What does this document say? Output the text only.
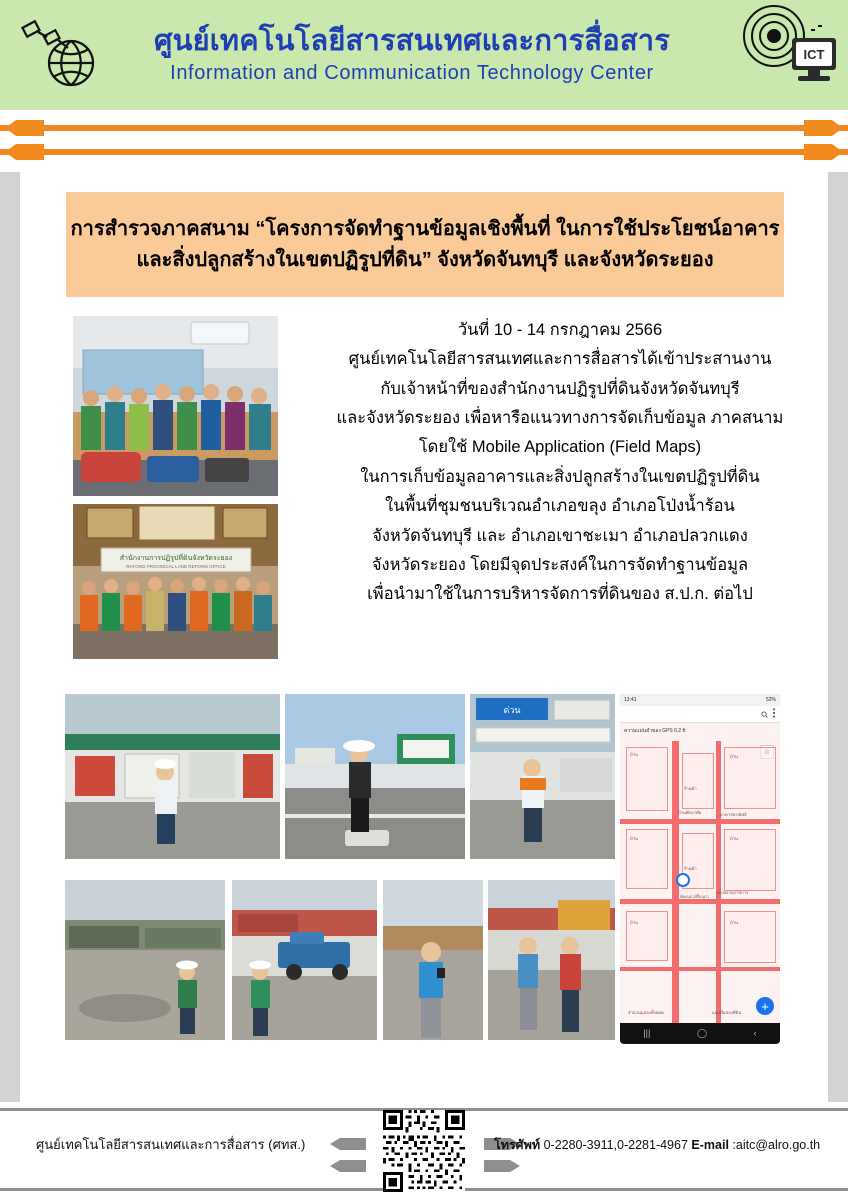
ศูนย์เทคโนโลยีสารสนเทศและการสื่อสาร

Information and Communication Technology Center

ICT

การสำรวจภาคสนาม “โครงการจัดทำฐานข้อมูลเชิงพื้นที่ ในการใช้ประโยชน์อาคาร
และสิ่งปลูกสร้างในเขตปฏิรูปที่ดิน” จังหวัดจันทบุรี และจังหวัดระยอง

วันที่ 10 - 14 กรกฎาคม 2566
ศูนย์เทคโนโลยีสารสนเทศและการสื่อสารได้เข้าประสานงาน
กับเจ้าหน้าที่ของสำนักงานปฏิรูปที่ดินจังหวัดจันทบุรี
และจังหวัดระยอง เพื่อหารือแนวทางการจัดเก็บข้อมูล ภาคสนาม
โดยใช้ Mobile Application (Field Maps)
ในการเก็บข้อมูลอาคารและสิ่งปลูกสร้างในเขตปฏิรูปที่ดิน
ในพื้นที่ชุมชนบริเวณอำเภอขลุง อำเภอโป่งน้ำร้อน
จังหวัดจันทบุรี และ อำเภอเขาชะเมา อำเภอปลวกแดง
จังหวัดระยอง โดยมีจุดประสงค์ในการจัดทำฐานข้อมูล
เพื่อนำมาใช้ในการบริหารจัดการที่ดินของ ส.ป.ก. ต่อไป
สำนักงานการปฏิรูปที่ดินจังหวัดระยอง
RAYONG PROVINCIAL LAND REFORM OFFICE
ด่วน
13:41	52%
ความแม่นยำของ GPS 6.2 ft
บ้าน
บ้าน
บ้าน
บ้าน
บ้าน
บ้าน
ร้านค้า
ร้านค้า
บ้านพักอาศัย
ห้องแถว/ตึกแถว
อาคารพาณิชย์
หน่วยงานราชการ
จำนวนแปลงทั้งหมด	แผนที่แปลงที่ดิน	+
|||	◯	‹
ศูนย์เทคโนโลยีสารสนเทศและการสื่อสาร (ศทส.)	โทรศัพท์ 0-2280-3911,0-2281-4967 E-mail :aitc@alro.go.th
